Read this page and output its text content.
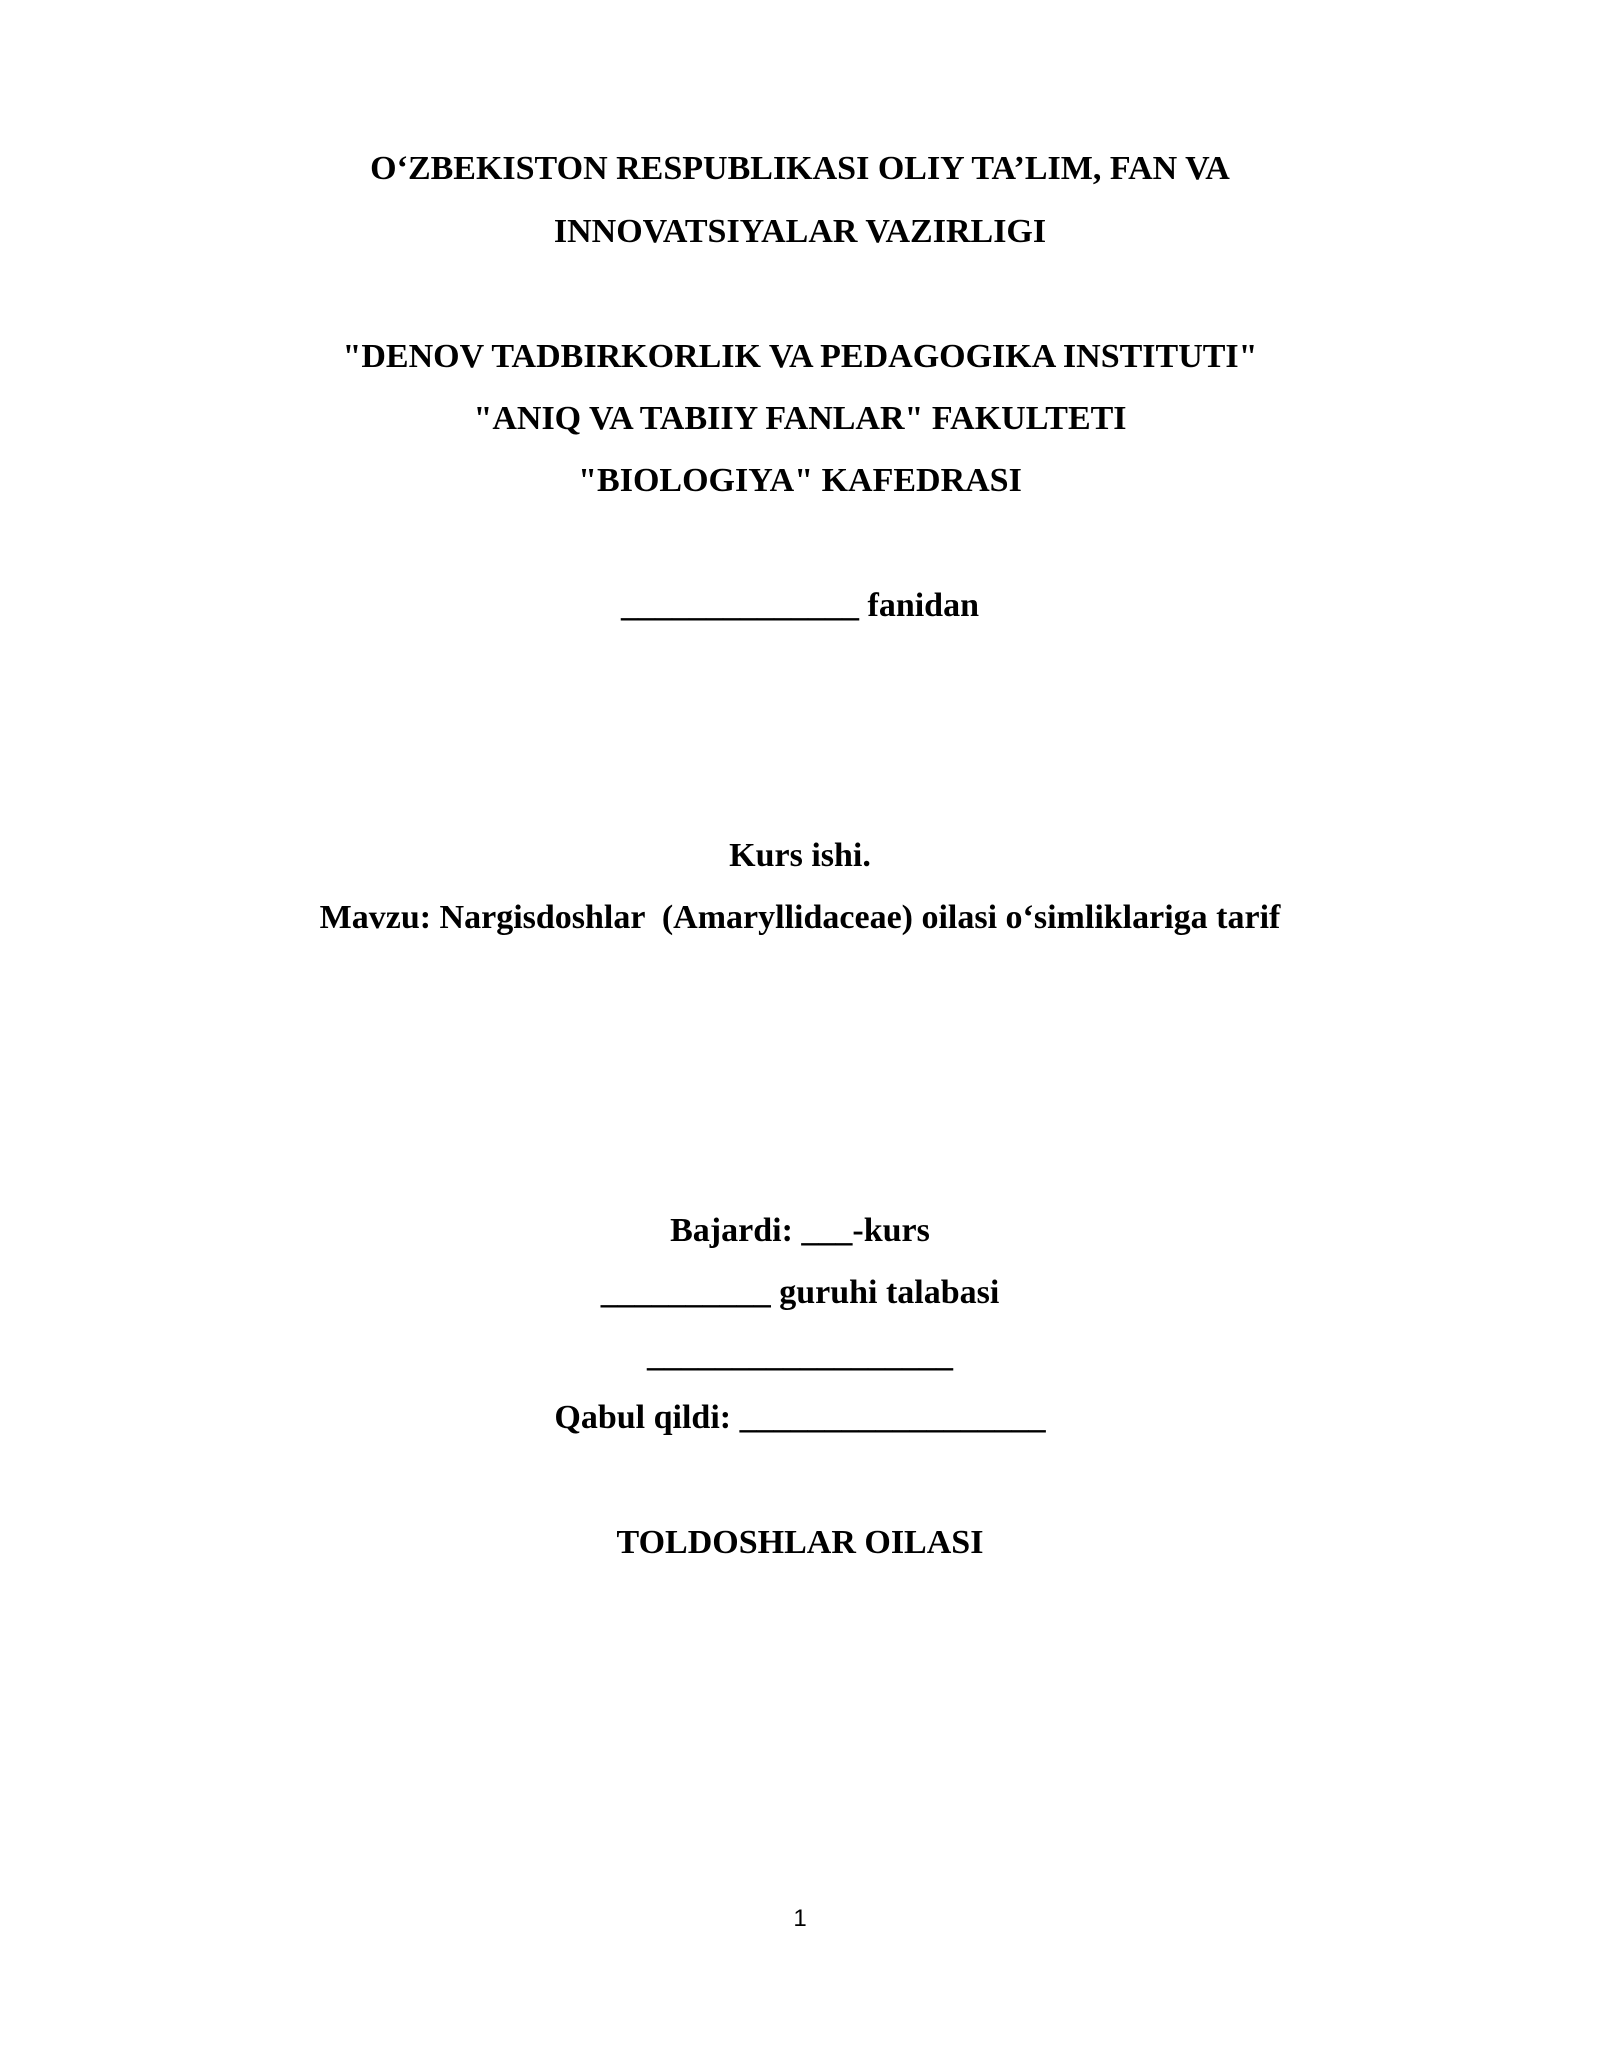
O‘ZBEKISTON RESPUBLIKASI OLIY TA’LIM, FAN VA
INNOVATSIYALAR VAZIRLIGI
"DENOV TADBIRKORLIK VA PEDAGOGIKA INSTITUTI"
"ANIQ VA TABIIY FANLAR" FAKULTETI
"BIOLOGIYA" KAFEDRASI
______________ fanidan
Kurs ishi.
Mavzu: Nargisdoshlar  (Amaryllidaceae) oilasi o‘simliklariga tarif
Bajardi: ___-kurs
__________ guruhi talabasi
__________________
Qabul qildi: __________________
TOLDOSHLAR OILASI
1
